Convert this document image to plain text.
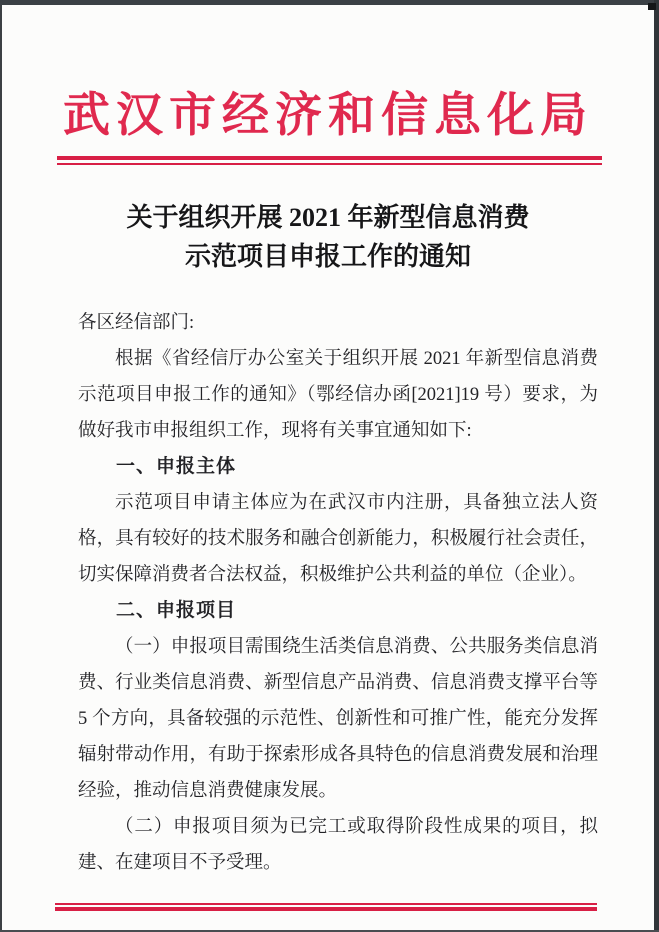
武汉市经济和信息化局
关于组织开展 2021 年新型信息消费
示范项目申报工作的通知

各区经信部门:

根据《省经信厅办公室关于组织开展 2021 年新型信息消费示范项目申报工作的通知》（鄂经信办函[2021]19 号）要求，为做好我市申报组织工作，现将有关事宜通知如下:

一、申报主体

示范项目申请主体应为在武汉市内注册，具备独立法人资格，具有较好的技术服务和融合创新能力，积极履行社会责任，切实保障消费者合法权益，积极维护公共利益的单位（企业）。

二、申报项目

（一）申报项目需围绕生活类信息消费、公共服务类信息消费、行业类信息消费、新型信息产品消费、信息消费支撑平台等 5 个方向，具备较强的示范性、创新性和可推广性，能充分发挥辐射带动作用，有助于探索形成各具特色的信息消费发展和治理经验，推动信息消费健康发展。

（二）申报项目须为已完工或取得阶段性成果的项目，拟建、在建项目不予受理。
